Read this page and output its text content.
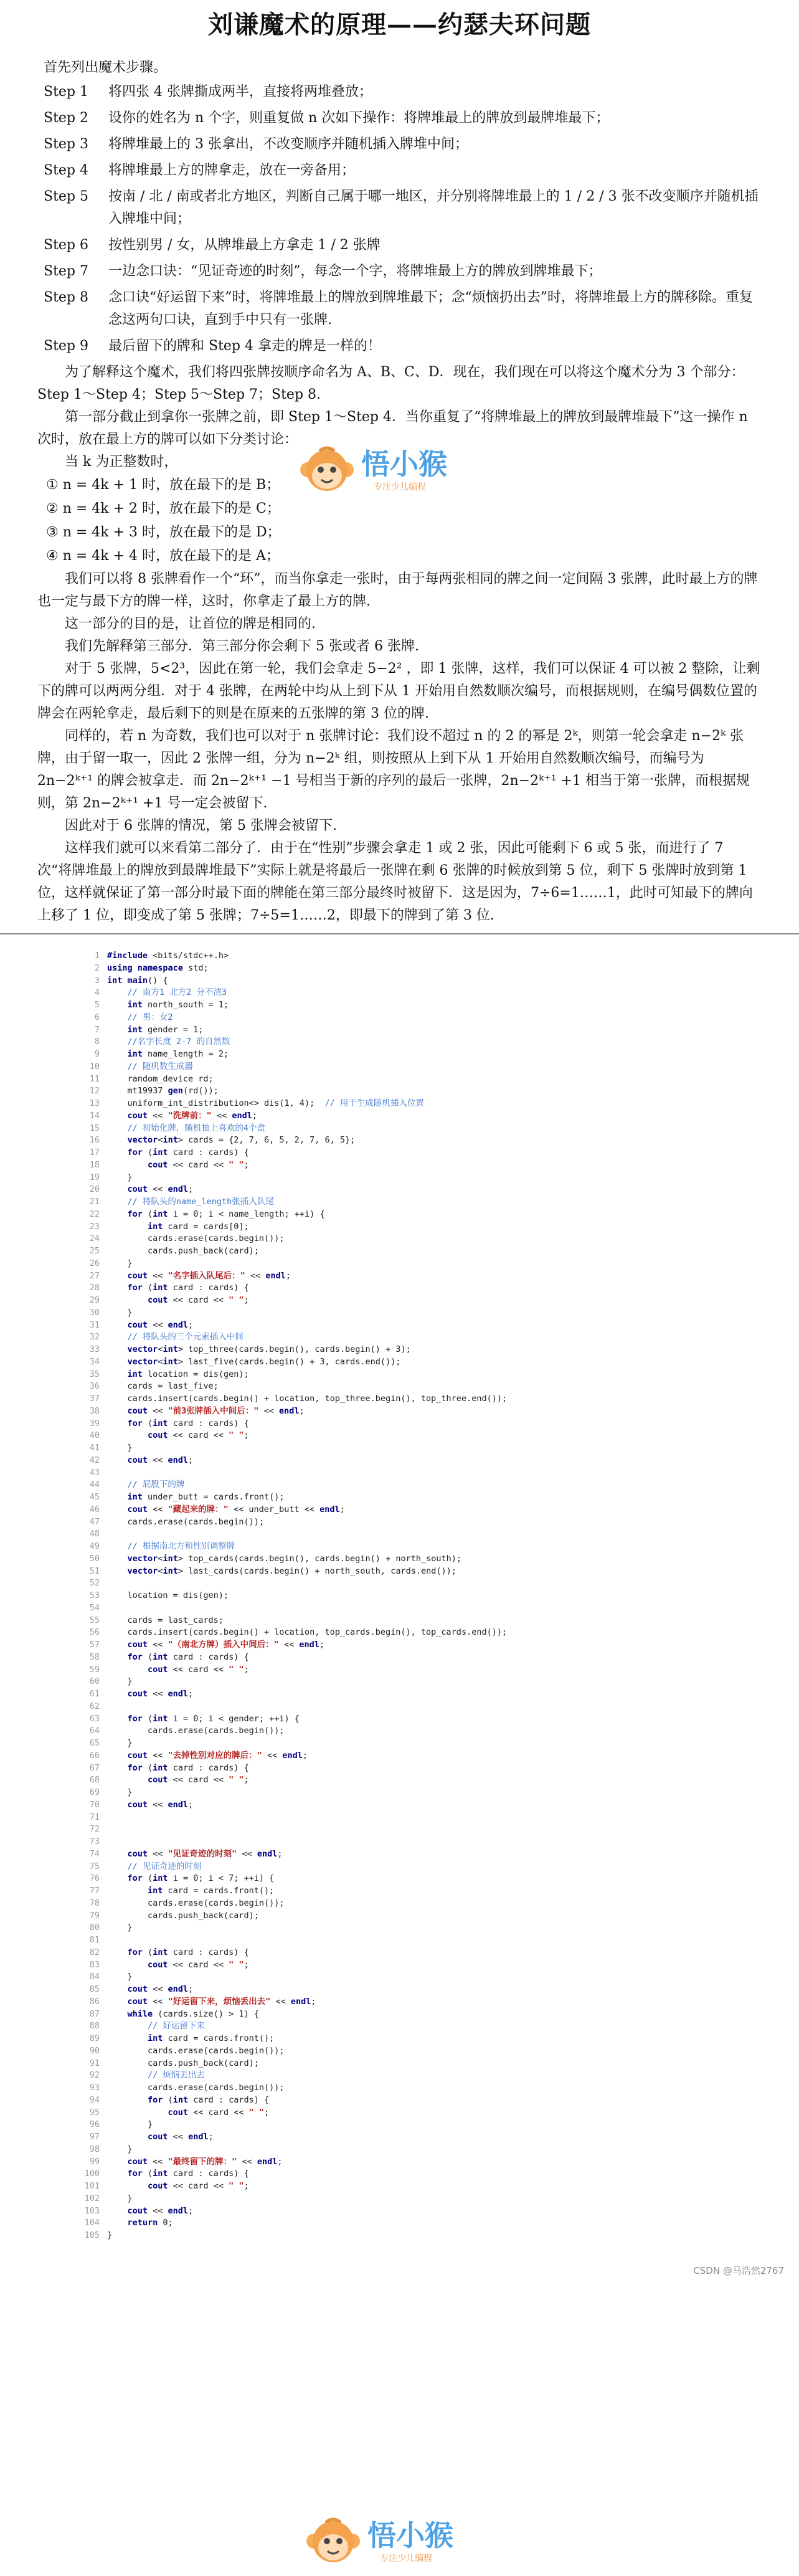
刘谦魔术的原理——约瑟夫环问题

首先列出魔术步骤。

Step 1	将四张 4 张牌撕成两半，直接将两堆叠放；
Step 2	设你的姓名为 n 个字，则重复做 n 次如下操作：将牌堆最上的牌放到最牌堆最下；
Step 3	将牌堆最上的 3 张拿出，不改变顺序并随机插入牌堆中间；
Step 4	将牌堆最上方的牌拿走，放在一旁备用；
Step 5	按南 / 北 / 南或者北方地区，判断自己属于哪一地区，并分别将牌堆最上的 1 / 2 / 3 张不改变顺序并随机插入牌堆中间；
Step 6	按性别男 / 女，从牌堆最上方拿走 1 / 2 张牌
Step 7	一边念口诀：“见证奇迹的时刻”，每念一个字，将牌堆最上方的牌放到牌堆最下；
Step 8	念口诀“好运留下来”时，将牌堆最上的牌放到牌堆最下；念“烦恼扔出去”时，将牌堆最上方的牌移除。重复念这两句口诀，直到手中只有一张牌.
Step 9	最后留下的牌和 Step 4 拿走的牌是一样的！

为了解释这个魔术，我们将四张牌按顺序命名为 A、B、C、D．现在，我们现在可以将这个魔术分为 3 个部分：Step 1～Step 4；Step 5～Step 7；Step 8.

第一部分截止到拿你一张牌之前，即 Step 1～Step 4．当你重复了“将牌堆最上的牌放到最牌堆最下”这一操作 n 次时，放在最上方的牌可以如下分类讨论：

当 k 为正整数时，

① n = 4k + 1 时，放在最下的是 B；
② n = 4k + 2 时，放在最下的是 C；
③ n = 4k + 3 时，放在最下的是 D；
④ n = 4k + 4 时，放在最下的是 A；

我们可以将 8 张牌看作一个“环”，而当你拿走一张时，由于每两张相同的牌之间一定间隔 3 张牌，此时最上方的牌也一定与最下方的牌一样，这时，你拿走了最上方的牌.

这一部分的目的是，让首位的牌是相同的.

我们先解释第三部分．第三部分你会剩下 5 张或者 6 张牌.

对于 5 张牌，5<2³，因此在第一轮，我们会拿走 5−2² ，即 1 张牌，这样，我们可以保证 4 可以被 2 整除，让剩下的牌可以两两分组．对于 4 张牌，在两轮中均从上到下从 1 开始用自然数顺次编号，而根据规则，在编号偶数位置的牌会在两轮拿走，最后剩下的则是在原来的五张牌的第 3 位的牌.

同样的，若 n 为奇数，我们也可以对于 n 张牌讨论：我们设不超过 n 的 2 的幂是 2ᵏ，则第一轮会拿走 n−2ᵏ 张牌，由于留一取一，因此 2 张牌一组，分为 n−2ᵏ 组，则按照从上到下从 1 开始用自然数顺次编号，而编号为 2n−2ᵏ⁺¹ 的牌会被拿走．而 2n−2ᵏ⁺¹ −1 号相当于新的序列的最后一张牌，2n−2ᵏ⁺¹ +1 相当于第一张牌，而根据规则，第 2n−2ᵏ⁺¹ +1 号一定会被留下.

因此对于 6 张牌的情况，第 5 张牌会被留下.

这样我们就可以来看第二部分了．由于在“性别”步骤会拿走 1 或 2 张，因此可能剩下 6 或 5 张，而进行了 7 次“将牌堆最上的牌放到最牌堆最下”实际上就是将最后一张牌在剩 6 张牌的时候放到第 5 位，剩下 5 张牌时放到第 1 位，这样就保证了第一部分时最下面的牌能在第三部分最终时被留下．这是因为，7÷6=1……1，此时可知最下的牌向上移了 1 位，即变成了第 5 张牌；7÷5=1……2，即最下的牌到了第 3 位.

悟小猴
专注少儿编程
1 #include <bits/stdc++.h>
2 using namespace std;
3 int main() {
4	// 南方1 北方2 分不清3
5	int north_south = 1;
6	// 男：女2
7	int gender = 1;
8	//名字长度 2-7 的自然数
9	int name_length = 2;
10	// 随机数生成器
11 random_device rd;
12 mt19937 gen(rd());
13 uniform_int_distribution<> dis(1, 4);  // 用于生成随机插入位置
14	cout << "洗牌前：" << endl;
15	// 初始化牌，随机抽上喜欢的4个盒
16	vector<int> cards = {2, 7, 6, 5, 2, 7, 6, 5};
17	for (int card : cards) {
18	cout << card << " ";
19 }
20	cout << endl;
21	// 将队头的name_length张插入队尾
22	for (int i = 0; i < name_length; ++i) {
23	int card = cards[0];
24 cards.erase(cards.begin());
25 cards.push_back(card);
26 }
27	cout << "名字插入队尾后：" << endl;
28	for (int card : cards) {
29	cout << card << " ";
30 }
31	cout << endl;
32	// 将队头的三个元素插入中间
33	vector<int> top_three(cards.begin(), cards.begin() + 3);
34	vector<int> last_five(cards.begin() + 3, cards.end());
35	int location = dis(gen);
36 cards = last_five;
37 cards.insert(cards.begin() + location, top_three.begin(), top_three.end());
38	cout << "前3张牌插入中间后：" << endl;
39	for (int card : cards) {
40	cout << card << " ";
41 }
42	cout << endl;
43
44	// 屁股下的牌
45	int under_butt = cards.front();
46	cout << "藏起来的牌：" << under_butt << endl;
47 cards.erase(cards.begin());
48
49	// 根据南北方和性别调整牌
50	vector<int> top_cards(cards.begin(), cards.begin() + north_south);
51	vector<int> last_cards(cards.begin() + north_south, cards.end());
52
53 location = dis(gen);
54
55 cards = last_cards;
56 cards.insert(cards.begin() + location, top_cards.begin(), top_cards.end());
57	cout << "（南北方牌）插入中间后：" << endl;
58	for (int card : cards) {
59	cout << card << " ";
60 }
61	cout << endl;
62
63	for (int i = 0; i < gender; ++i) {
64 cards.erase(cards.begin());
65 }
66	cout << "去掉性别对应的牌后：" << endl;
67	for (int card : cards) {
68	cout << card << " ";
69 }
70	cout << endl;
71
72
73
74	cout << "见证奇迹的时刻" << endl;
75	// 见证奇迹的时刻
76	for (int i = 0; i < 7; ++i) {
77	int card = cards.front();
78 cards.erase(cards.begin());
79 cards.push_back(card);
80 }
81
82	for (int card : cards) {
83	cout << card << " ";
84 }
85	cout << endl;
86	cout << "好运留下来，烦恼丢出去" << endl;
87	while (cards.size() > 1) {
88	// 好运留下来
89	int card = cards.front();
90 cards.erase(cards.begin());
91 cards.push_back(card);
92	// 烦恼丢出去
93 cards.erase(cards.begin());
94	for (int card : cards) {
95	cout << card << " ";
96 }
97	cout << endl;
98 }
99	cout << "最终留下的牌：" << endl;
100	for (int card : cards) {
101	cout << card << " ";
102 }
103	cout << endl;
104	return 0;
105 }
悟小猴
专注少儿编程
CSDN @马浩然2767
